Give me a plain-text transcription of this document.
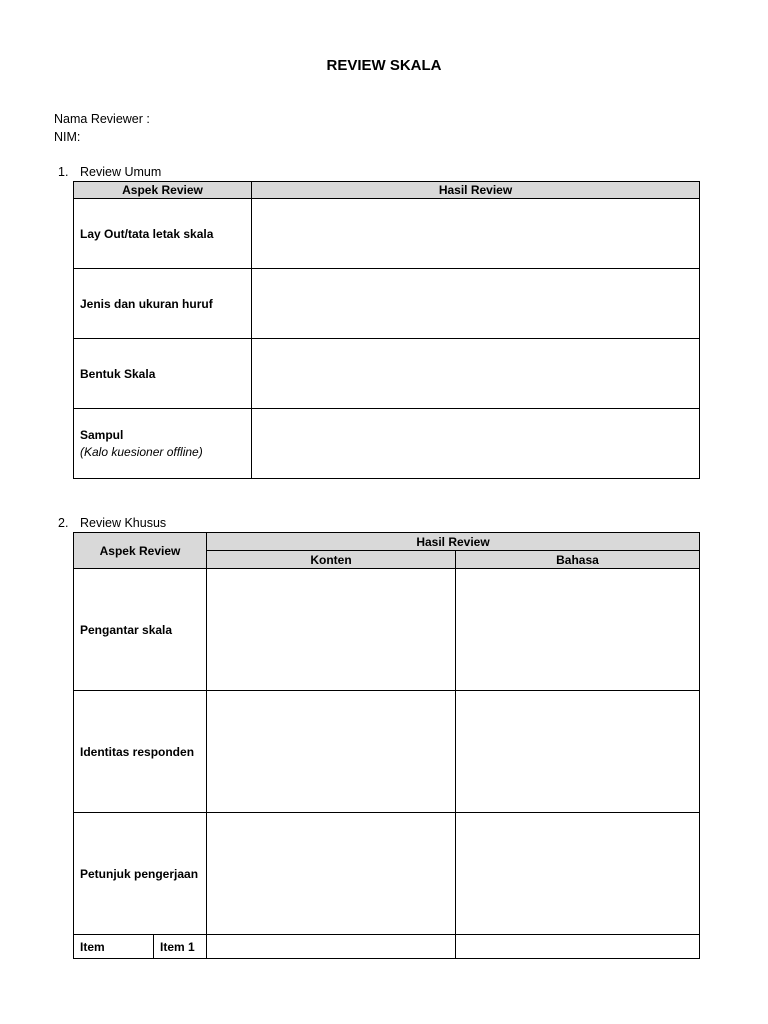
REVIEW SKALA
Nama Reviewer :
NIM:
1. Review Umum
Aspek Review	Hasil Review
Lay Out/tata letak skala	
Jenis dan ukuran huruf	
Bentuk Skala	
Sampul
(Kalo kuesioner offline)	

2. Review Khusus
Aspek Review		Hasil Review	
		Konten	Bahasa
Pengantar skala			
Identitas responden			
Petunjuk pengerjaan			
Item	Item 1		
